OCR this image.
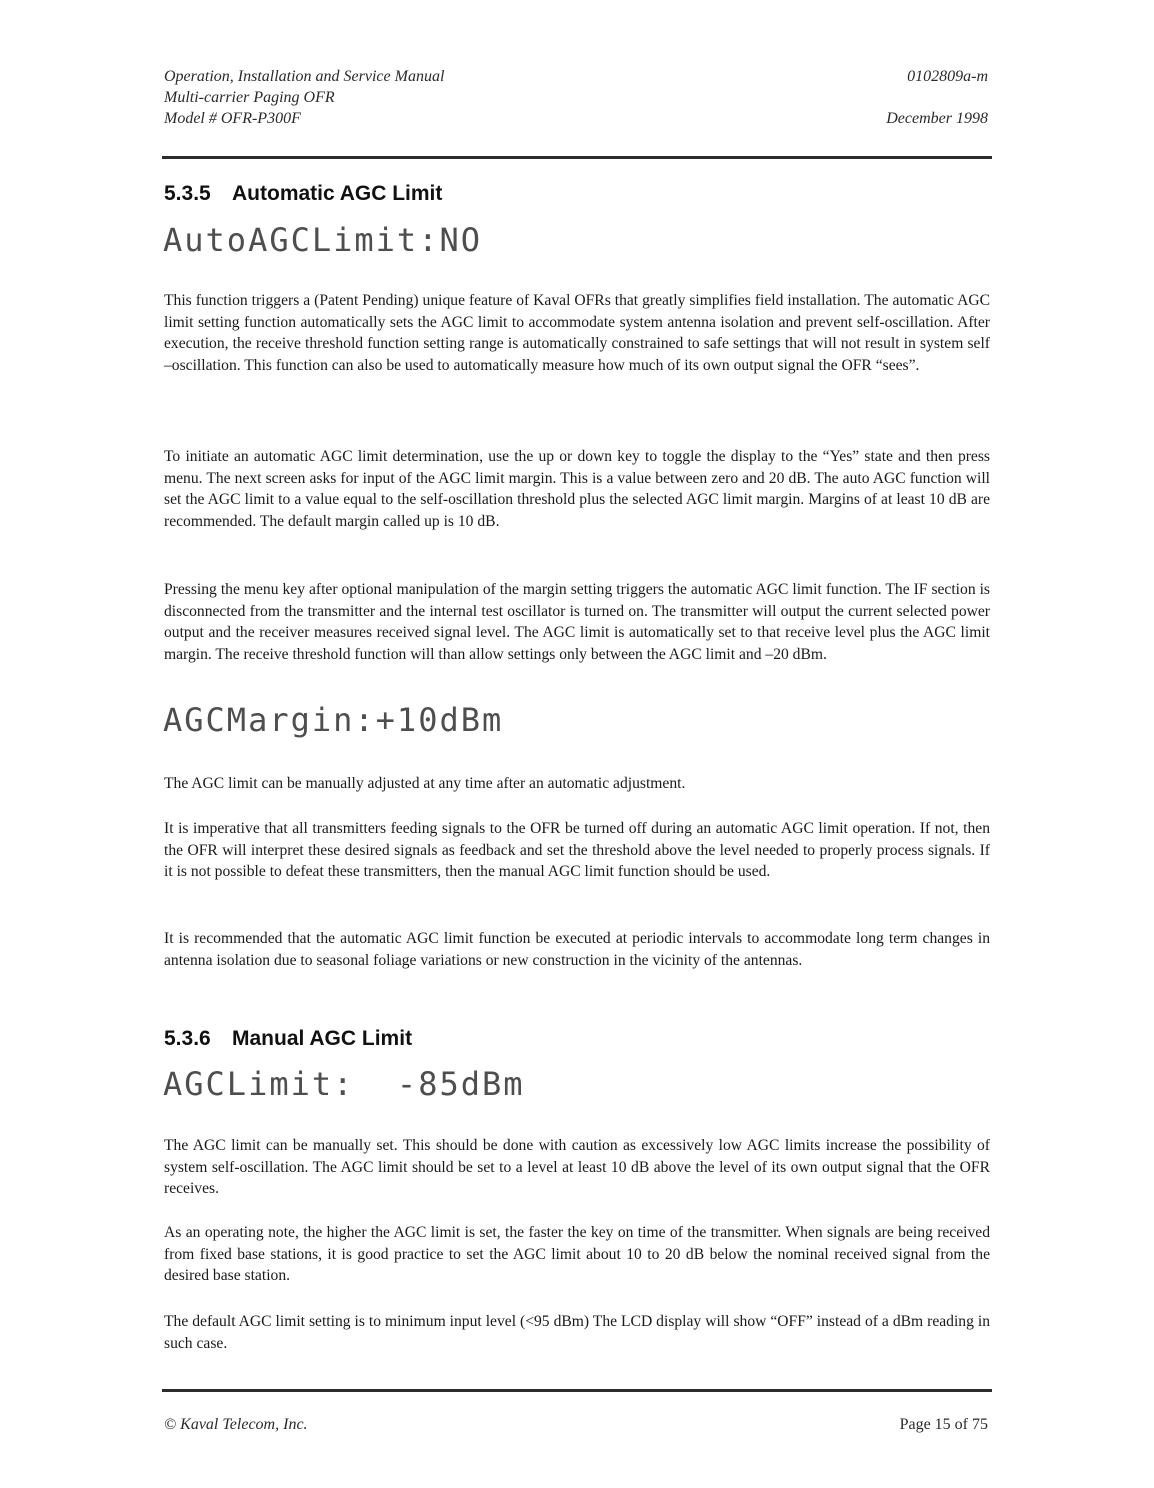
Operation, Installation and Service Manual
Multi-carrier Paging OFR
Model # OFR-P300F
0102809a-m

December 1998
5.3.5 Automatic AGC Limit
AutoAGCLimit:NO

This function triggers a (Patent Pending) unique feature of Kaval OFRs that greatly simplifies field installation. The automatic AGC limit setting function automatically sets the AGC limit to accommodate system antenna isolation and prevent self-oscillation. After execution, the receive threshold function setting range is automatically constrained to safe settings that will not result in system self –oscillation. This function can also be used to automatically measure how much of its own output signal the OFR “sees”.

To initiate an automatic AGC limit determination, use the up or down key to toggle the display to the “Yes” state and then press menu. The next screen asks for input of the AGC limit margin. This is a value between zero and 20 dB. The auto AGC function will set the AGC limit to a value equal to the self-oscillation threshold plus the selected AGC limit margin. Margins of at least 10 dB are recommended. The default margin called up is 10 dB.

Pressing the menu key after optional manipulation of the margin setting triggers the automatic AGC limit function. The IF section is disconnected from the transmitter and the internal test oscillator is turned on. The transmitter will output the current selected power output and the receiver measures received signal level. The AGC limit is automatically set to that receive level plus the AGC limit margin. The receive threshold function will than allow settings only between the AGC limit and –20 dBm.

AGCMargin:+10dBm

The AGC limit can be manually adjusted at any time after an automatic adjustment.

It is imperative that all transmitters feeding signals to the OFR be turned off during an automatic AGC limit operation. If not, then the OFR will interpret these desired signals as feedback and set the threshold above the level needed to properly process signals. If it is not possible to defeat these transmitters, then the manual AGC limit function should be used.

It is recommended that the automatic AGC limit function be executed at periodic intervals to accommodate long term changes in antenna isolation due to seasonal foliage variations or new construction in the vicinity of the antennas.

5.3.6 Manual AGC Limit
AGCLimit:  -85dBm

The AGC limit can be manually set. This should be done with caution as excessively low AGC limits increase the possibility of system self-oscillation. The AGC limit should be set to a level at least 10 dB above the level of its own output signal that the OFR receives.

As an operating note, the higher the AGC limit is set, the faster the key on time of the transmitter. When signals are being received from fixed base stations, it is good practice to set the AGC limit about 10 to 20 dB below the nominal received signal from the desired base station.

The default AGC limit setting is to minimum input level (<95 dBm) The LCD display will show “OFF” instead of a dBm reading in such case.

© Kaval Telecom, Inc.	Page 15 of 75
